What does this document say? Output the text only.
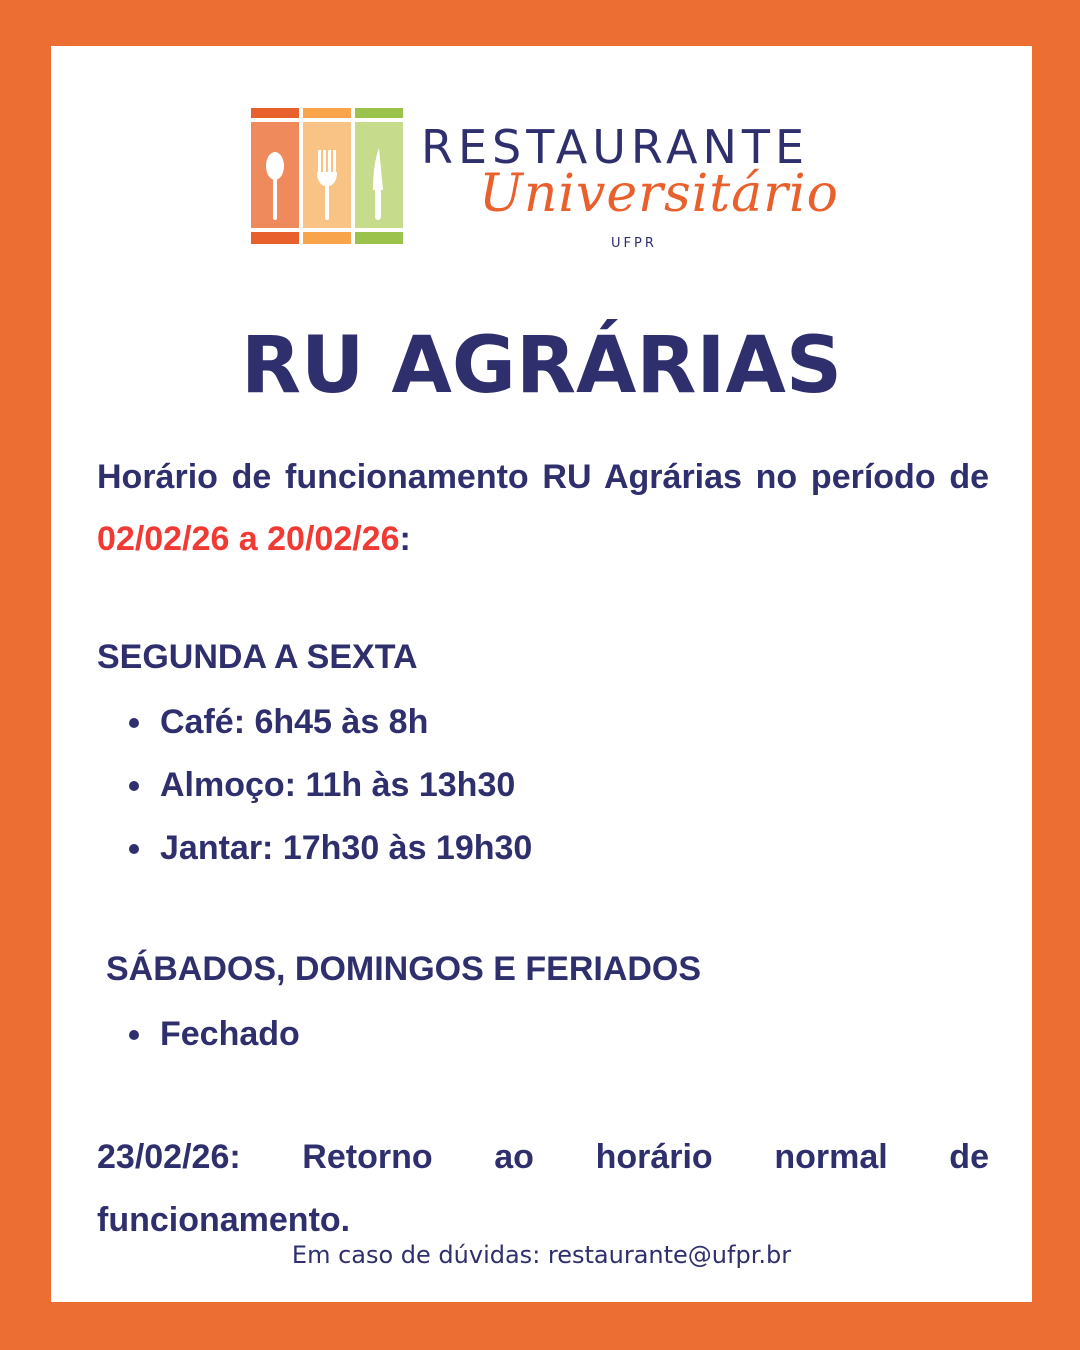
RESTAURANTE

Universitário

UFPR

RU AGRÁRIAS

Horário de funcionamento RU Agrárias no período de 02/02/26 a 20/02/26:

SEGUNDA A SEXTA
Café: 6h45 às 8h
Almoço: 11h às 13h30
Jantar: 17h30 às 19h30
SÁBADOS, DOMINGOS E FERIADOS
Fechado
23/02/26: Retorno ao horário normal de
funcionamento.

Em caso de dúvidas: restaurante@ufpr.br
